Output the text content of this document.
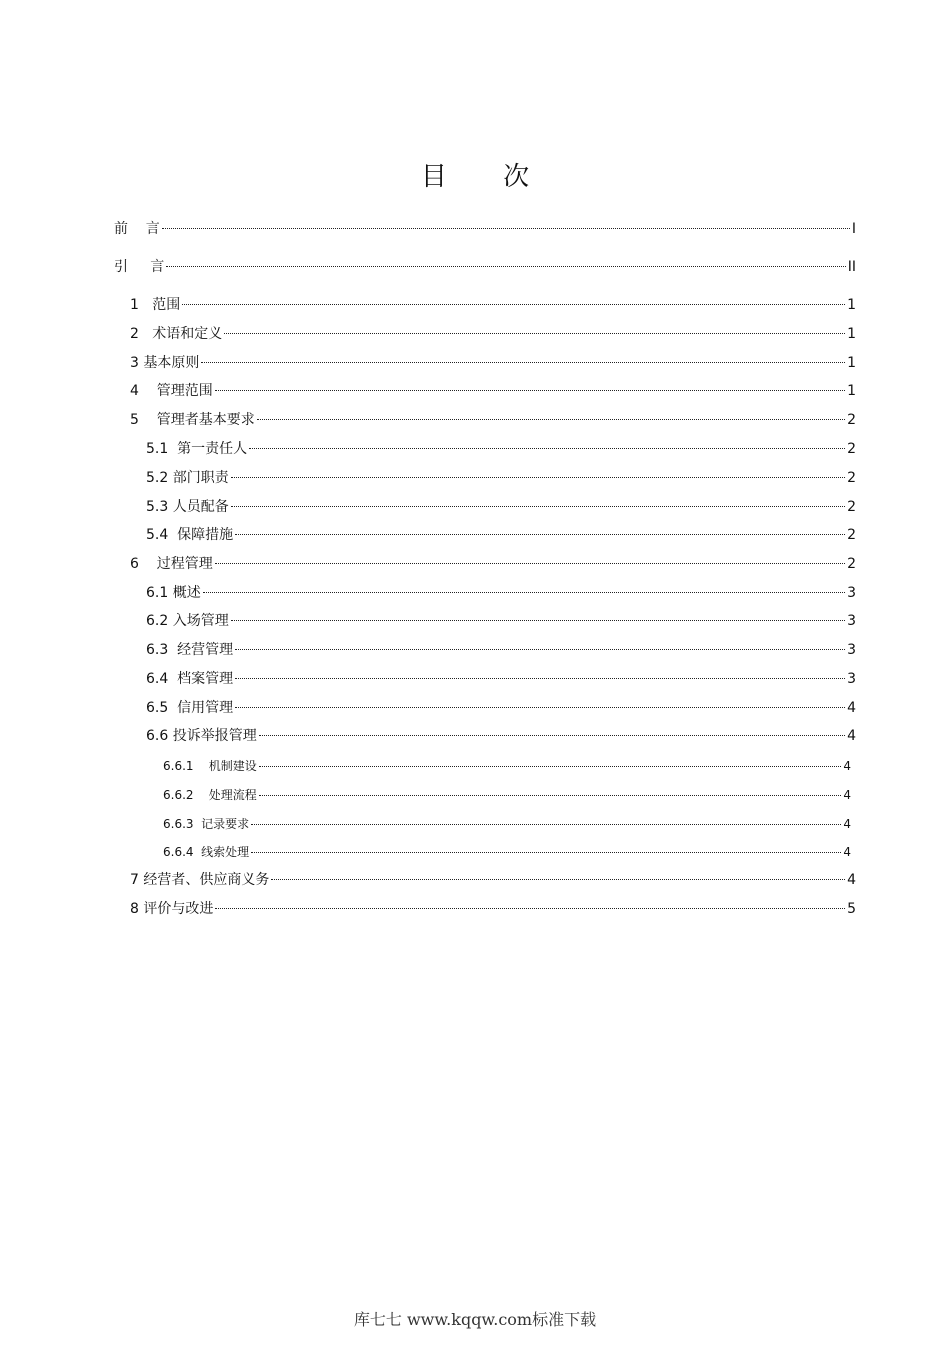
目 次
前    言	I
引     言	II
1   范围	1
2   术语和定义	1
3 基本原则	1
4    管理范围	1
5    管理者基本要求	2
5.1  第一责任人	2
5.2 部门职责	2
5.3 人员配备	2
5.4  保障措施	2
6    过程管理	2
6.1 概述	3
6.2 入场管理	3
6.3  经营管理	3
6.4  档案管理	3
6.5  信用管理	4
6.6 投诉举报管理	4
6.6.1    机制建设	4
6.6.2    处理流程	4
6.6.3  记录要求	4
6.6.4  线索处理	4
7 经营者、供应商义务	4
8 评价与改进	5
库七七 www.kqqw.com标准下载
